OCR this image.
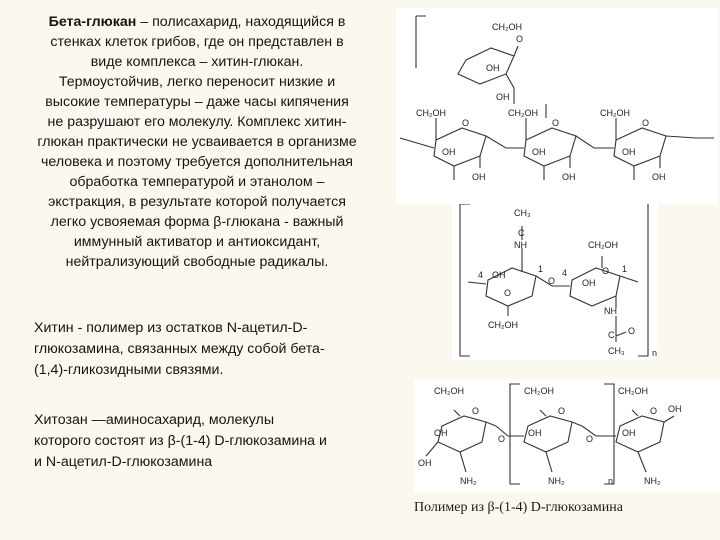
Бета-глюкан – полисахарид, находящийся в
стенках клеток грибов, где он представлен в
виде комплекса – хитин-глюкан.
Термоустойчив, легко переносит низкие и
высокие температуры – даже часы кипячения
не разрушают его молекулу. Комплекс хитин-
глюкан практически не усваивается в организме
человека и поэтому требуется дополнительная
обработка температурой и этанолом –
экстракция, в результате которой получается
легко усвояемая форма β-глюкана - важный
иммунный активатор и антиоксидант,
нейтрализующий свободные радикалы.
CH₂OH
O
OH
OH
CH₂OH	CH₂OH	CH₂OH
OH	OH	OH
OH	OH	OH
O	O	O
CH₃
C
NH	CH₂OH
OH
OH
O
O
O
4
1 4	1
CH₂OH
NH
C O
CH₃	n
Хитин - полимер из остатков N-ацетил-D-
глюкозамина, связанных между собой бета-
(1,4)-гликозидными связями.
Хитозан —аминосахарид, молекулы
которого состоят из β-(1-4) D-глюкозамина и
и N-ацетил-D-глюкозамина
CH₂OH	CH₂OH	CH₂OH
O	O	O OH
OH	OH	OH
O	O
OH
NH₂	NH₂	n	NH₂
Полимер из β-(1-4) D-глюкозамина
